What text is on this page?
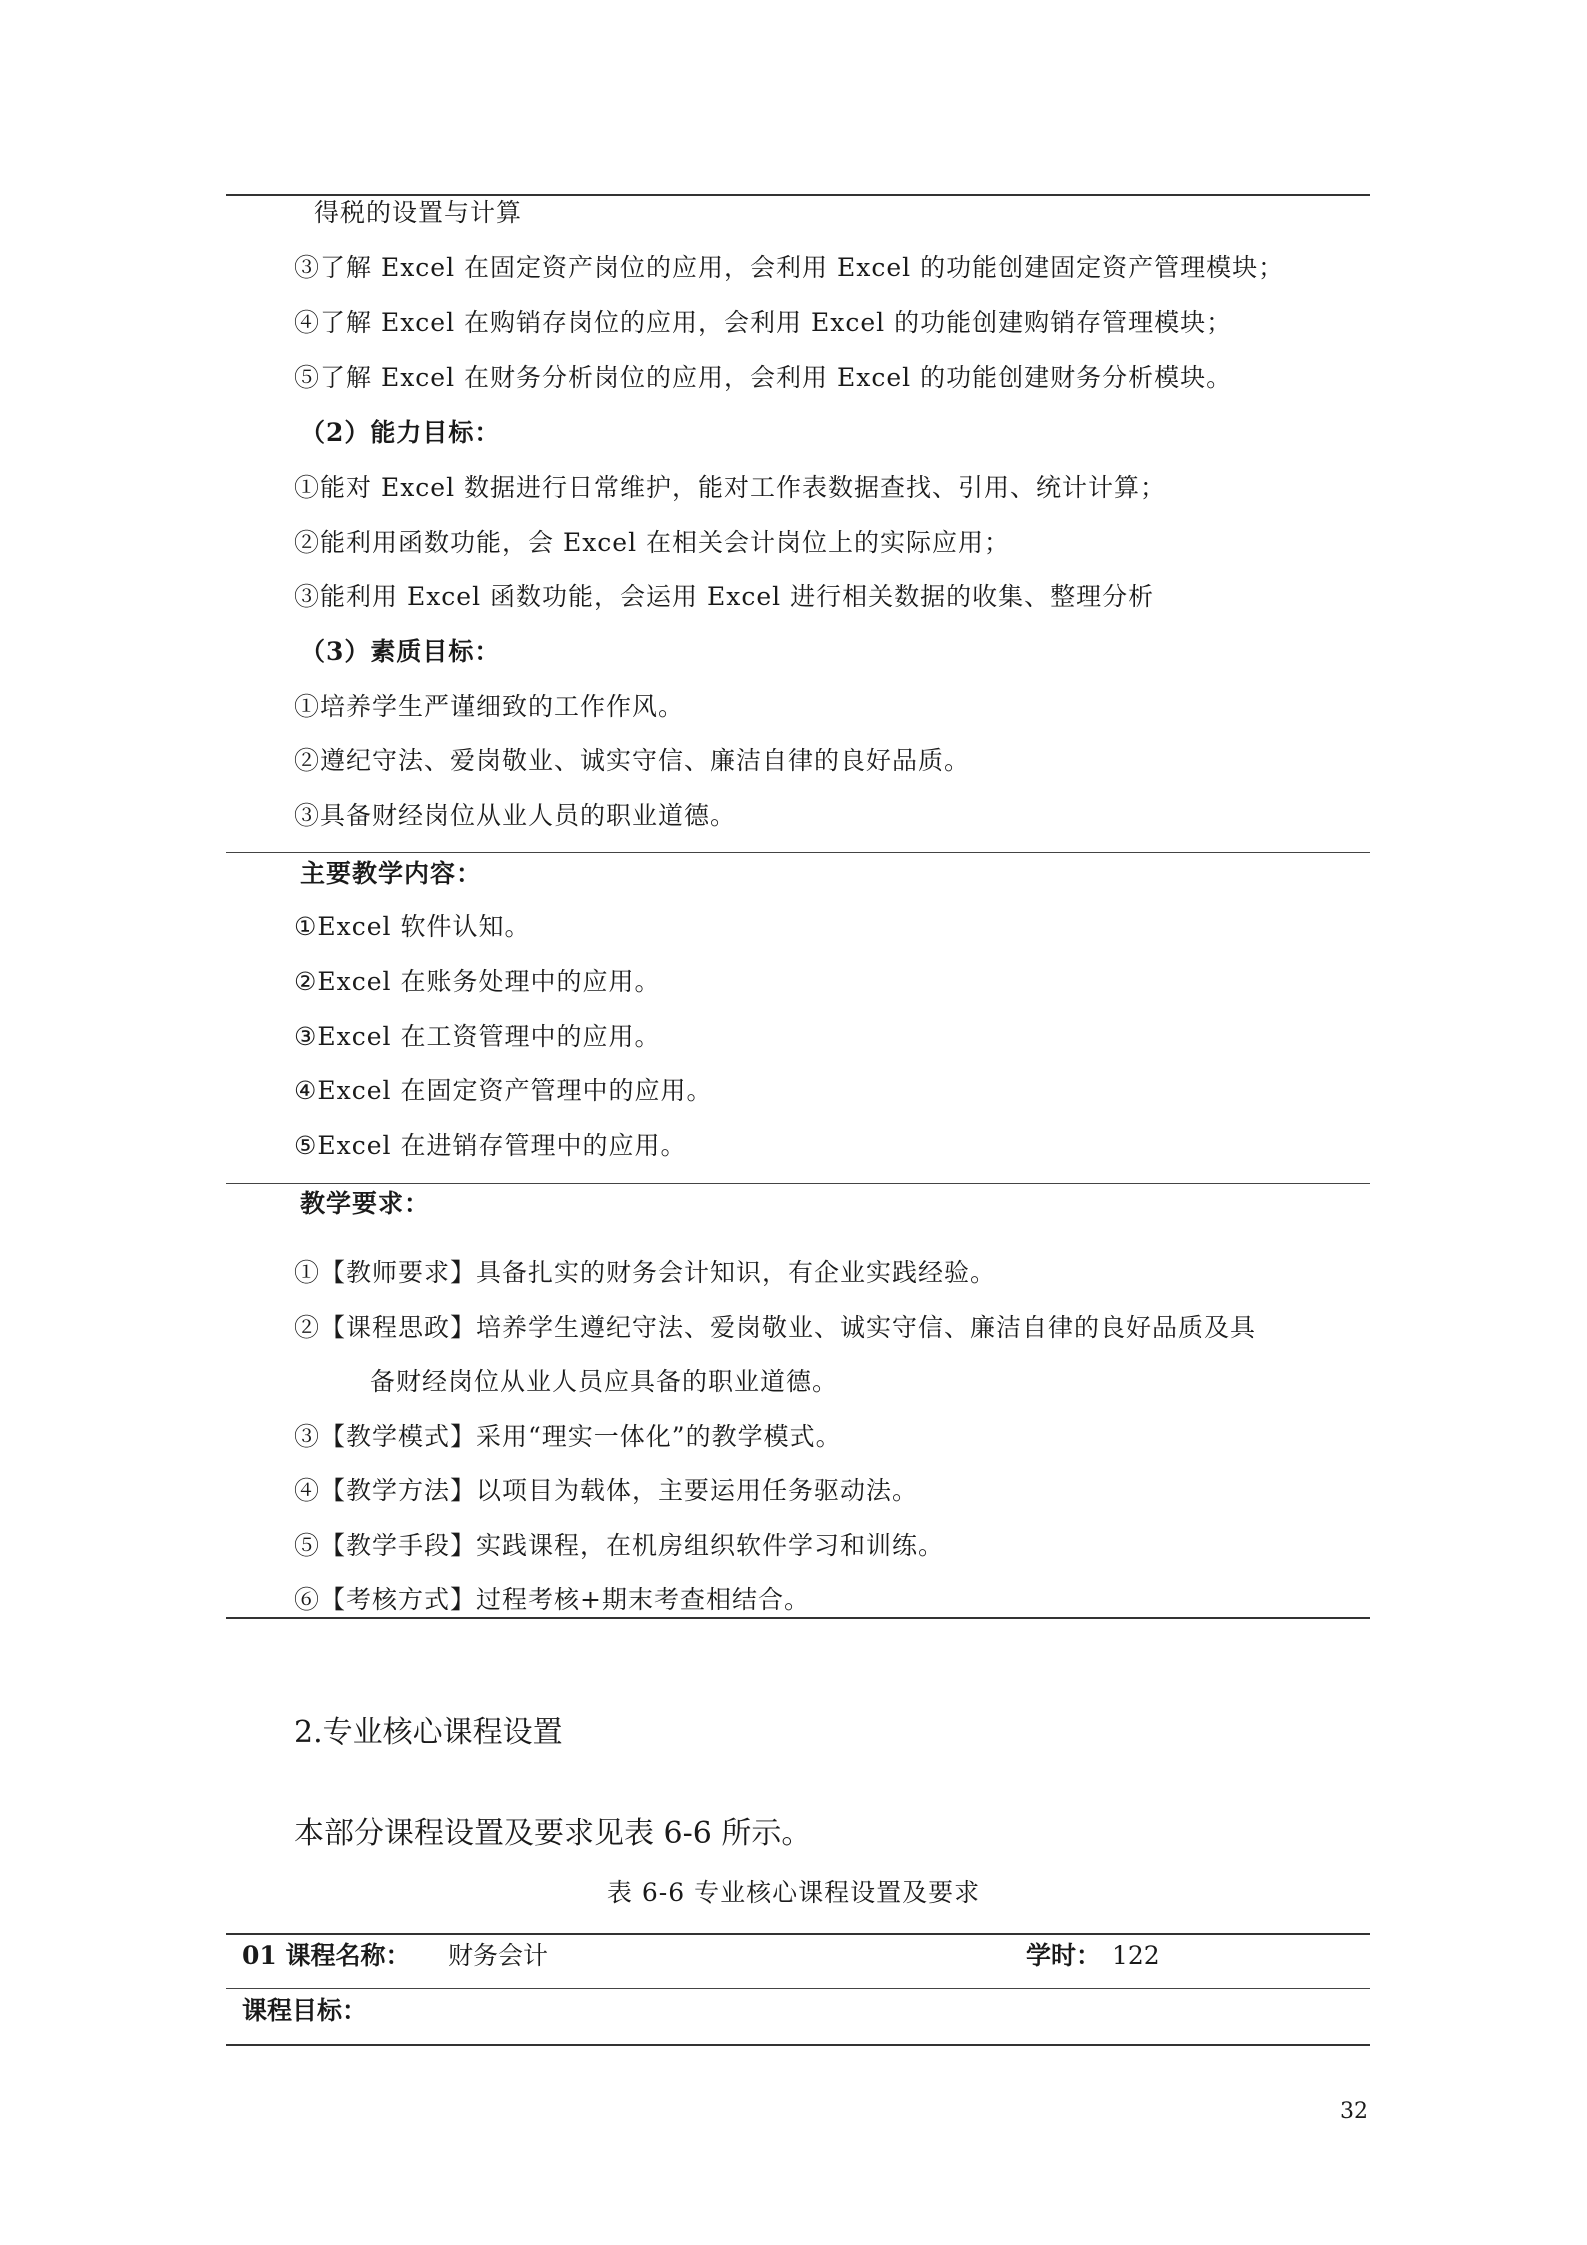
得税的设置与计算
③了解 Excel 在固定资产岗位的应用，会利用 Excel 的功能创建固定资产管理模块；
④了解 Excel 在购销存岗位的应用，会利用 Excel 的功能创建购销存管理模块；
⑤了解 Excel 在财务分析岗位的应用，会利用 Excel 的功能创建财务分析模块。
（2）能力目标：
①能对 Excel 数据进行日常维护，能对工作表数据查找、引用、统计计算；
②能利用函数功能，会 Excel 在相关会计岗位上的实际应用；
③能利用 Excel 函数功能，会运用 Excel 进行相关数据的收集、整理分析
（3）素质目标：
①培养学生严谨细致的工作作风。
②遵纪守法、爱岗敬业、诚实守信、廉洁自律的良好品质。
③具备财经岗位从业人员的职业道德。
主要教学内容：
①Excel 软件认知。
②Excel 在账务处理中的应用。
③Excel 在工资管理中的应用。
④Excel 在固定资产管理中的应用。
⑤Excel 在进销存管理中的应用。
教学要求：
①【教师要求】具备扎实的财务会计知识，有企业实践经验。
②【课程思政】培养学生遵纪守法、爱岗敬业、诚实守信、廉洁自律的良好品质及具
备财经岗位从业人员应具备的职业道德。
③【教学模式】采用“理实一体化”的教学模式。
④【教学方法】以项目为载体，主要运用任务驱动法。
⑤【教学手段】实践课程，在机房组织软件学习和训练。
⑥【考核方式】过程考核+期末考查相结合。
2.专业核心课程设置
本部分课程设置及要求见表 6-6 所示。
表 6-6 专业核心课程设置及要求
01 课程名称： 财务会计	学时： 122
课程目标：
32
